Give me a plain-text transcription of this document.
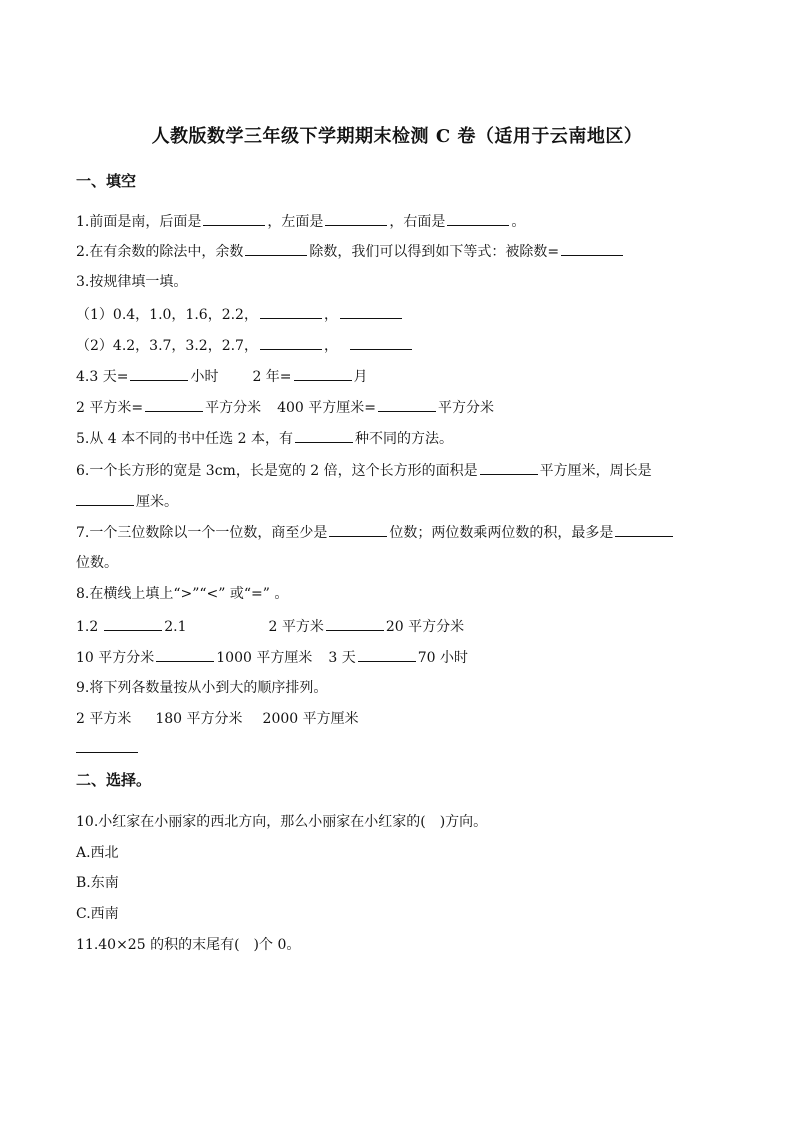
人教版数学三年级下学期期末检测 C 卷（适用于云南地区）
一、填空
1.前面是南，后面是	，左面是	，右面是	。
2.在有余数的除法中，余数	除数，我们可以得到如下等式：被除数=
3.按规律填一填。
（1）0.4，1.0，1.6，2.2，	，
（2）4.2，3.7，3.2，2.7，	，
4.3 天=	小时 2 年=	月
2 平方米=	平方分米 400 平方厘米=	平方分米
5.从 4 本不同的书中任选 2 本，有	种不同的方法。
6.一个长方形的宽是 3cm，长是宽的 2 倍，这个长方形的面积是	平方厘米，周长是
厘米。
7.一个三位数除以一个一位数，商至少是	位数；两位数乘两位数的积，最多是
位数。
8.在横线上填上“>”“<” 或“=” 。
1.2	2.1	2 平方米	20 平方分米
10 平方分米	1000 平方厘米 3 天	70 小时
9.将下列各数量按从小到大的顺序排列。
2 平方米 180 平方分米 2000 平方厘米
二、选择。
10.小红家在小丽家的西北方向，那么小丽家在小红家的(　)方向。
A.西北
B.东南
C.西南
11.40×25 的积的末尾有(　)个 0。
